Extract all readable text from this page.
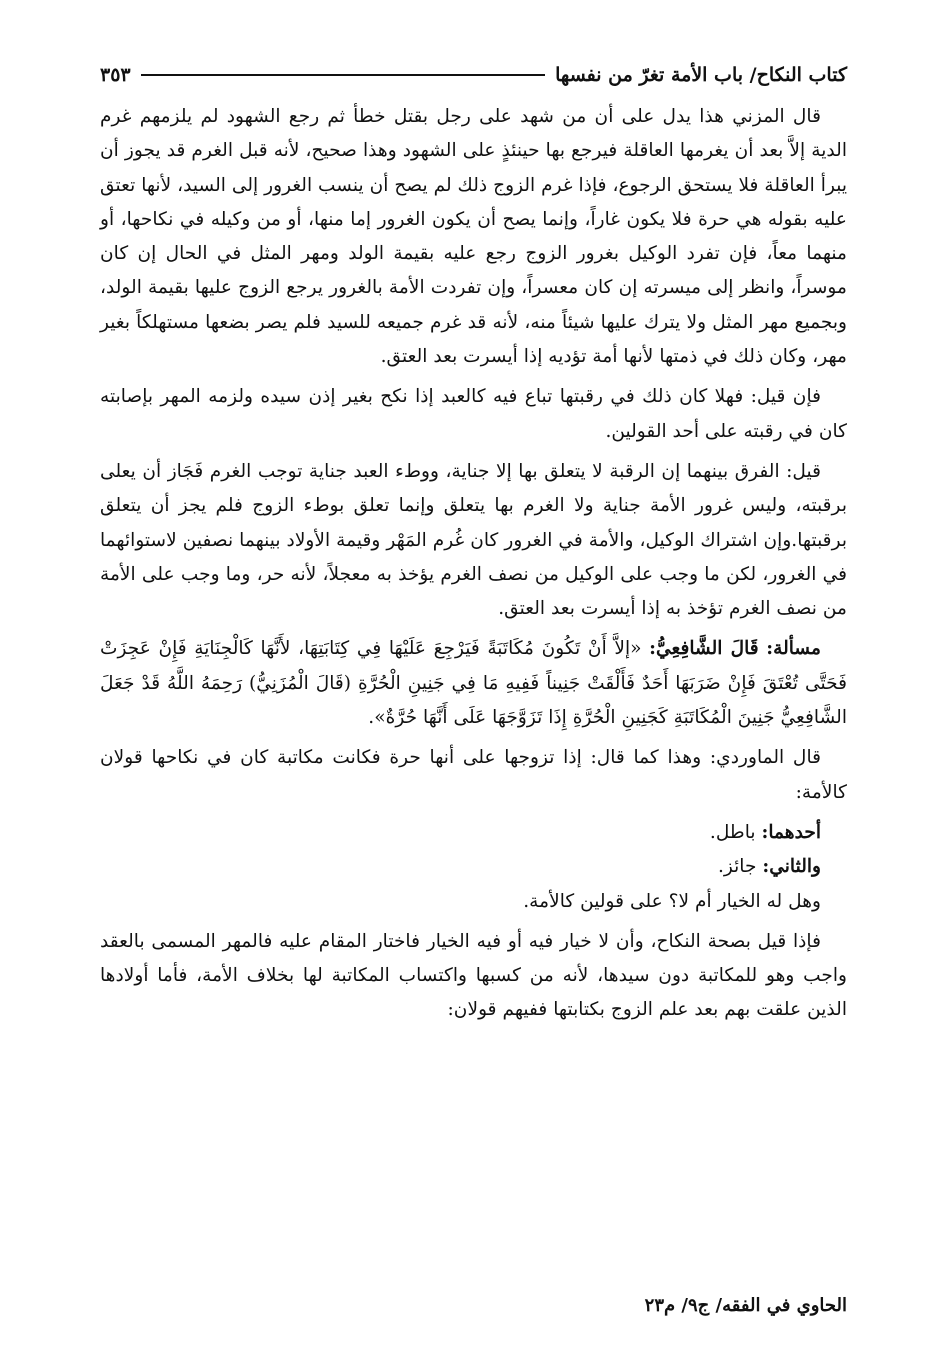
كتاب النكاح/ باب الأمة تغرّ من نفسها
٣٥٣

قال المزني هذا يدل على أن من شهد على رجل بقتل خطأ ثم رجع الشهود لم يلزمهم غرم الدية إلاَّ بعد أن يغرمها العاقلة فيرجع بها حينئذٍ على الشهود وهذا صحيح، لأنه قبل الغرم قد يجوز أن يبرأ العاقلة فلا يستحق الرجوع، فإذا غرم الزوج ذلك لم يصح أن ينسب الغرور إلى السيد، لأنها تعتق عليه بقوله هي حرة فلا يكون غاراً، وإنما يصح أن يكون الغرور إما منها، أو من وكيله في نكاحها، أو منهما معاً، فإن تفرد الوكيل بغرور الزوج رجع عليه بقيمة الولد ومهر المثل في الحال إن كان موسراً، وانظر إلى ميسرته إن كان معسراً، وإن تفردت الأمة بالغرور يرجع الزوج عليها بقيمة الولد، وبجميع مهر المثل ولا يترك عليها شيئاً منه، لأنه قد غرم جميعه للسيد فلم يصر بضعها مستهلكاً بغير مهر، وكان ذلك في ذمتها لأنها أمة تؤديه إذا أيسرت بعد العتق.

فإن قيل: فهلا كان ذلك في رقبتها تباع فيه كالعبد إذا نكح بغير إذن سيده ولزمه المهر بإصابته كان في رقبته على أحد القولين.

قيل: الفرق بينهما إن الرقبة لا يتعلق بها إلا جناية، ووطء العبد جناية توجب الغرم فَجَاز أن يعلى برقبته، وليس غرور الأمة جناية ولا الغرم بها يتعلق وإنما تعلق بوطء الزوج فلم يجز أن يتعلق برقبتها.وإن اشتراك الوكيل، والأمة في الغرور كان غُرم المَهْر وقيمة الأولاد بينهما نصفين لاستوائهما في الغرور، لكن ما وجب على الوكيل من نصف الغرم يؤخذ به معجلاً، لأنه حر، وما وجب على الأمة من نصف الغرم تؤخذ به إذا أيسرت بعد العتق.

مسألة: قَالَ الشَّافِعِيُّ: «إلاَّ أَنْ تَكُونَ مُكَاتَبَةً فَيَرْجِعَ عَلَيْهَا فِي كِتَابَتِهَا، لأَنَّهَا كَالْجِنَايَةِ فَإِنْ عَجِزَتْ فَحَتَّى تُعْتَقَ فَإِنْ ضَرَبَهَا أَحَدٌ فَأَلْقَتْ جَنِيناً فَفِيهِ مَا فِي جَنِينِ الْحُرَّةِ (قَالَ الْمُزَنِيُّ) رَحِمَهُ اللَّهُ قَدْ جَعَلَ الشَّافِعِيُّ جَنِينَ الْمُكَاتَبَةِ كَجَنِينِ الْحُرَّةِ إِذَا تَزَوَّجَهَا عَلَى أَنَّهَا حُرَّةٌ».

قال الماوردي: وهذا كما قال: إذا تزوجها على أنها حرة فكانت مكاتبة كان في نكاحها قولان كالأمة:

أحدهما: باطل.

والثاني: جائز.

وهل له الخيار أم لا؟ على قولين كالأمة.

فإذا قيل بصحة النكاح، وأن لا خيار فيه أو فيه الخيار فاختار المقام عليه فالمهر المسمى بالعقد واجب وهو للمكاتبة دون سيدها، لأنه من كسبها واكتساب المكاتبة لها بخلاف الأمة، فأما أولادها الذين علقت بهم بعد علم الزوج بكتابتها ففيهم قولان:

الحاوي في الفقه/ ج٩/ م٢٣
